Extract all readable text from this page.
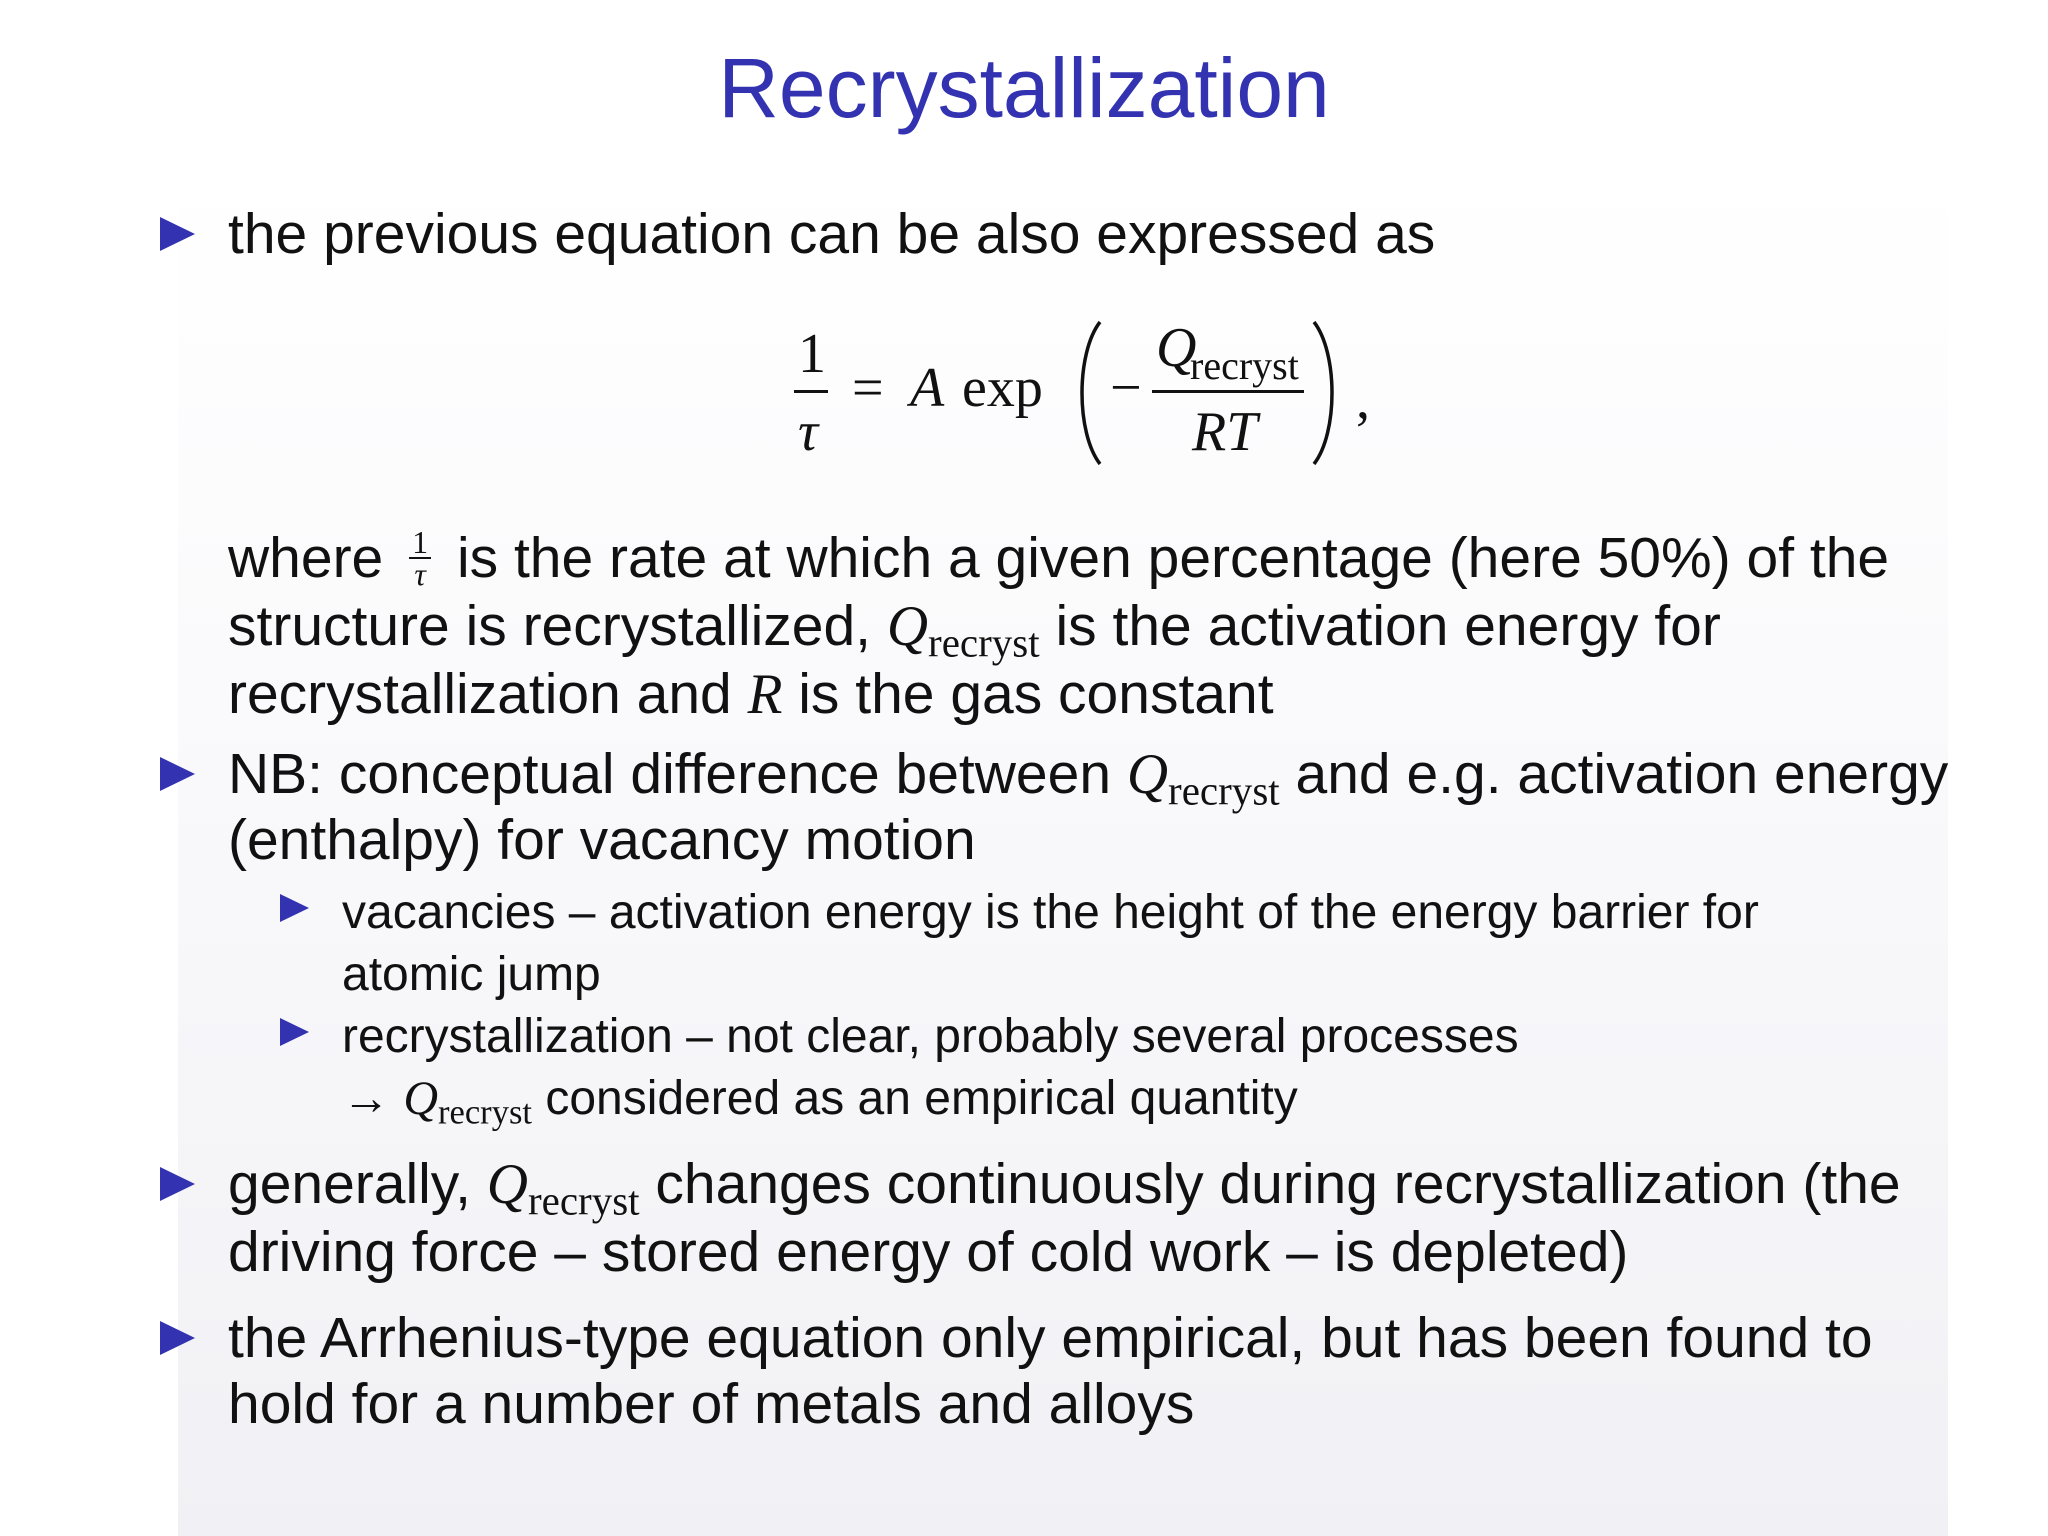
Recrystallization
the previous equation can be also expressed as
1
τ
= A exp −
Q
recryst
RT
,
where $\frac{1}{\tau}$ is the rate at which a given percentage (here 50%) of the
structure is recrystallized, $Q_{recryst}$ is the activation energy for
recrystallization and R is the gas constant
NB: conceptual difference between $Q_{recryst}$ and e.g. activation energy
(enthalpy) for vacancy motion
vacancies – activation energy is the height of the energy barrier for
atomic jump
recrystallization – not clear, probably several processes
→ $Q_{recryst}$ considered as an empirical quantity
generally, $Q_{recryst}$ changes continuously during recrystallization (the
driving force – stored energy of cold work – is depleted)
the Arrhenius-type equation only empirical, but has been found to
hold for a number of metals and alloys
